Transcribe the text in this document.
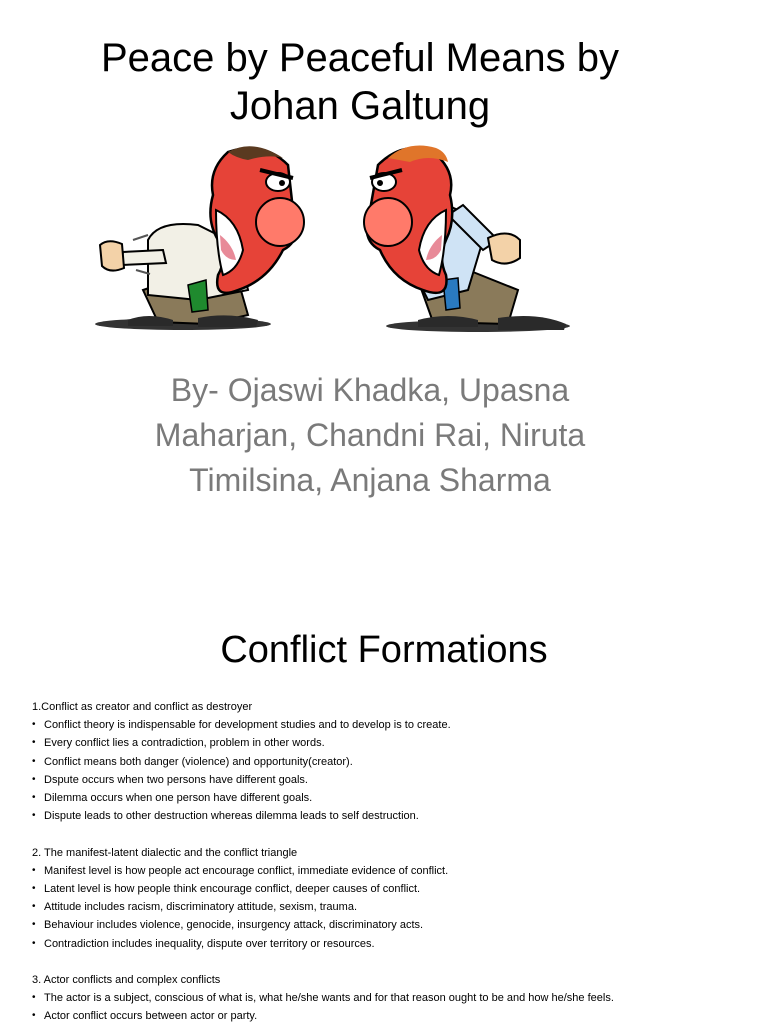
Peace by Peaceful Means by
Johan Galtung
By- Ojaswi Khadka, Upasna
Maharjan, Chandni Rai, Niruta
Timilsina, Anjana Sharma
Conflict Formations
1.Conflict as creator and conflict as destroyer
• Conflict theory is indispensable for development studies and to develop is to create.
• Every conflict lies a contradiction, problem in other words.
• Conflict means both danger (violence) and opportunity(creator).
• Dspute occurs when two persons have different goals.
• Dilemma occurs when one person have different goals.
• Dispute leads to other destruction whereas dilemma leads to self destruction.
2. The manifest-latent dialectic and the conflict triangle
• Manifest level is how people act encourage conflict, immediate evidence of conflict.
• Latent level is how people think encourage conflict, deeper causes of conflict.
• Attitude includes racism, discriminatory attitude, sexism, trauma.
• Behaviour includes violence, genocide, insurgency attack, discriminatory acts.
• Contradiction includes inequality, dispute over territory or resources.
3. Actor conflicts and complex conflicts
• The actor is a subject, conscious of what is, what he/she wants and for that reason ought to be and how he/she feels.
• Actor conflict occurs between actor or party.
